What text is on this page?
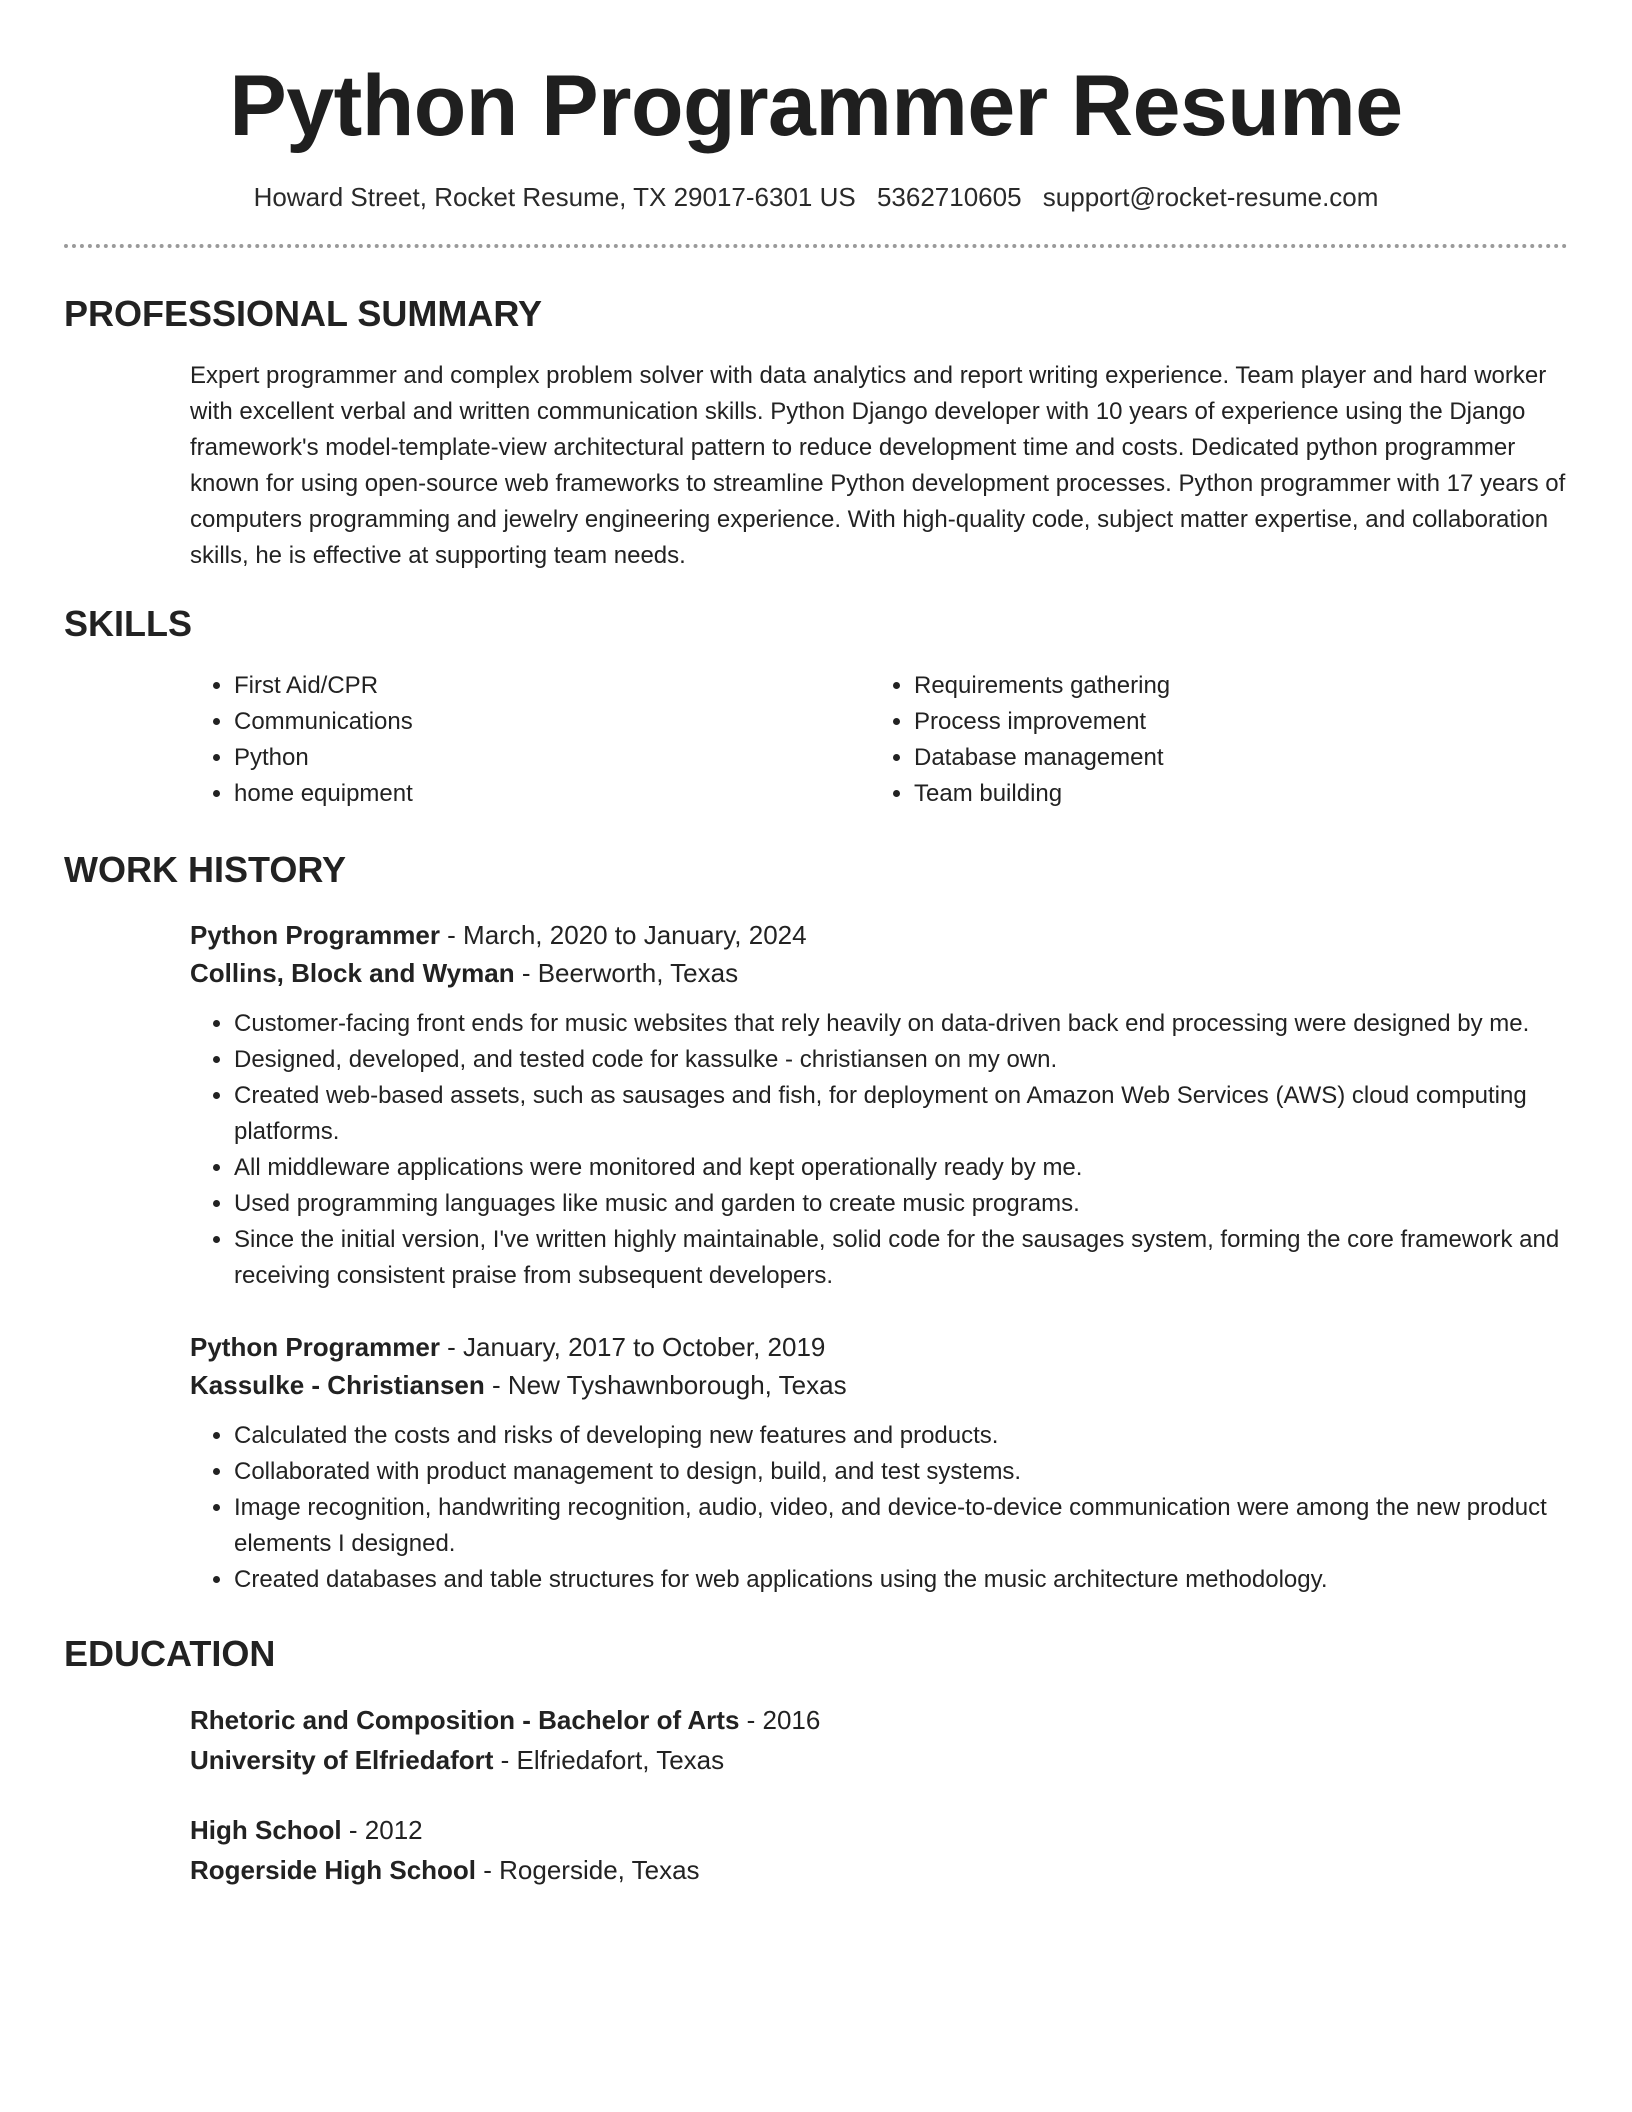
Python Programmer Resume
Howard Street, Rocket Resume, TX 29017-6301 US 5362710605 support@rocket-resume.com
PROFESSIONAL SUMMARY
Expert programmer and complex problem solver with data analytics and report writing experience. Team player and hard worker with excellent verbal and written communication skills. Python Django developer with 10 years of experience using the Django framework's model-template-view architectural pattern to reduce development time and costs. Dedicated python programmer known for using open-source web frameworks to streamline Python development processes. Python programmer with 17 years of computers programming and jewelry engineering experience. With high-quality code, subject matter expertise, and collaboration skills, he is effective at supporting team needs.
SKILLS
• First Aid/CPR
• Communications
• Python
• home equipment
• Requirements gathering
• Process improvement
• Database management
• Team building
WORK HISTORY
Python Programmer - March, 2020 to January, 2024
Collins, Block and Wyman - Beerworth, Texas
• Customer-facing front ends for music websites that rely heavily on data-driven back end processing were designed by me.
• Designed, developed, and tested code for kassulke - christiansen on my own.
• Created web-based assets, such as sausages and fish, for deployment on Amazon Web Services (AWS) cloud computing platforms.
• All middleware applications were monitored and kept operationally ready by me.
• Used programming languages like music and garden to create music programs.
• Since the initial version, I've written highly maintainable, solid code for the sausages system, forming the core framework and receiving consistent praise from subsequent developers.
Python Programmer - January, 2017 to October, 2019
Kassulke - Christiansen - New Tyshawnborough, Texas
• Calculated the costs and risks of developing new features and products.
• Collaborated with product management to design, build, and test systems.
• Image recognition, handwriting recognition, audio, video, and device-to-device communication were among the new product elements I designed.
• Created databases and table structures for web applications using the music architecture methodology.
EDUCATION
Rhetoric and Composition - Bachelor of Arts - 2016
University of Elfriedafort - Elfriedafort, Texas
High School - 2012
Rogerside High School - Rogerside, Texas
